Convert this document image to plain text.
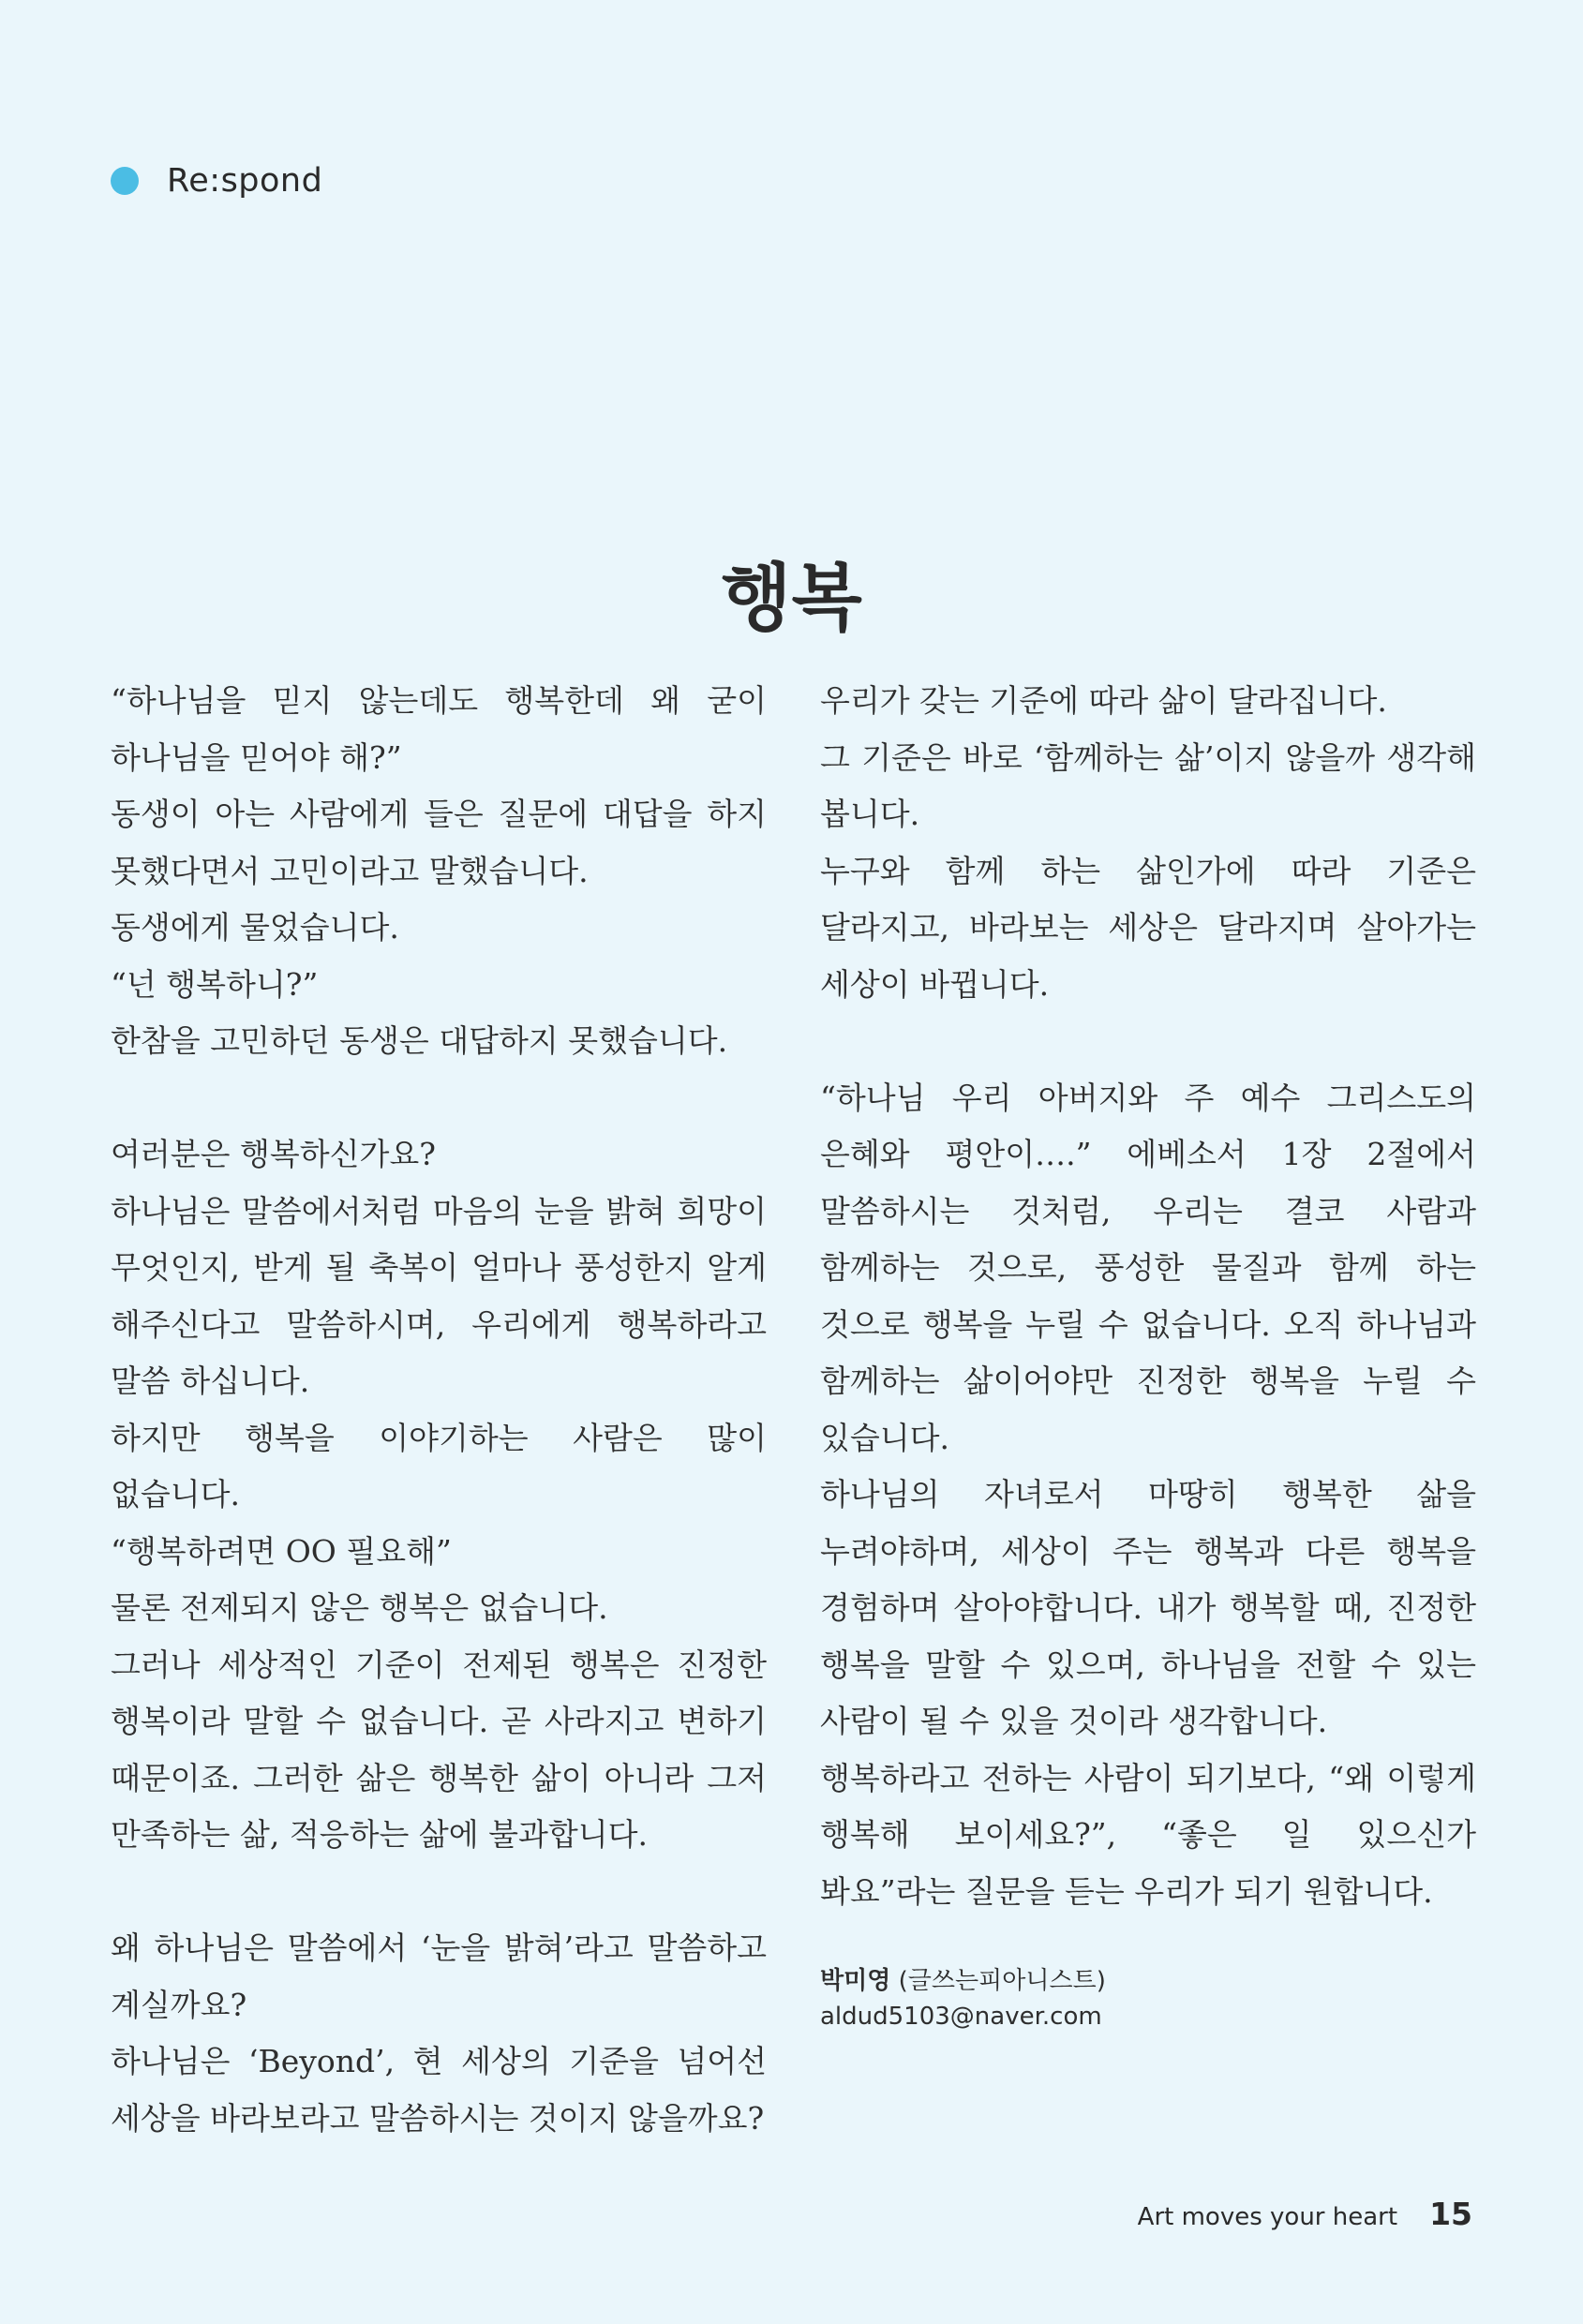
Re:spond
행복

“하나님을 믿지 않는데도 행복한데 왜 굳이 하나님을 믿어야 해?”

동생이 아는 사람에게 들은 질문에 대답을 하지 못했다면서 고민이라고 말했습니다.

동생에게 물었습니다.

“넌 행복하니?”

한참을 고민하던 동생은 대답하지 못했습니다.

여러분은 행복하신가요?

하나님은 말씀에서처럼 마음의 눈을 밝혀 희망이 무엇인지, 받게 될 축복이 얼마나 풍성한지 알게 해주신다고 말씀하시며, 우리에게 행복하라고 말씀 하십니다.

하지만 행복을 이야기하는 사람은 많이 없습니다.

“행복하려면 OO 필요해”

물론 전제되지 않은 행복은 없습니다.

그러나 세상적인 기준이 전제된 행복은 진정한 행복이라 말할 수 없습니다. 곧 사라지고 변하기 때문이죠. 그러한 삶은 행복한 삶이 아니라 그저 만족하는 삶, 적응하는 삶에 불과합니다.

왜 하나님은 말씀에서 ‘눈을 밝혀’라고 말씀하고 계실까요?

하나님은 ‘Beyond’, 현 세상의 기준을 넘어선 세상을 바라보라고 말씀하시는 것이지 않을까요?

우리가 갖는 기준에 따라 삶이 달라집니다.

그 기준은 바로 ‘함께하는 삶’이지 않을까 생각해 봅니다.

누구와 함께 하는 삶인가에 따라 기준은 달라지고, 바라보는 세상은 달라지며 살아가는 세상이 바뀝니다.

“하나님 우리 아버지와 주 예수 그리스도의 은혜와 평안이….” 에베소서 1장 2절에서 말씀하시는 것처럼, 우리는 결코 사람과 함께하는 것으로, 풍성한 물질과 함께 하는 것으로 행복을 누릴 수 없습니다. 오직 하나님과 함께하는 삶이어야만 진정한 행복을 누릴 수 있습니다.

하나님의 자녀로서 마땅히 행복한 삶을 누려야하며, 세상이 주는 행복과 다른 행복을 경험하며 살아야합니다. 내가 행복할 때, 진정한 행복을 말할 수 있으며, 하나님을 전할 수 있는 사람이 될 수 있을 것이라 생각합니다.

행복하라고 전하는 사람이 되기보다, “왜 이렇게 행복해 보이세요?”, “좋은 일 있으신가 봐요”라는 질문을 듣는 우리가 되기 원합니다.

박미영 (글쓰는피아니스트)
aldud5103@naver.com
Art moves your heart 15
